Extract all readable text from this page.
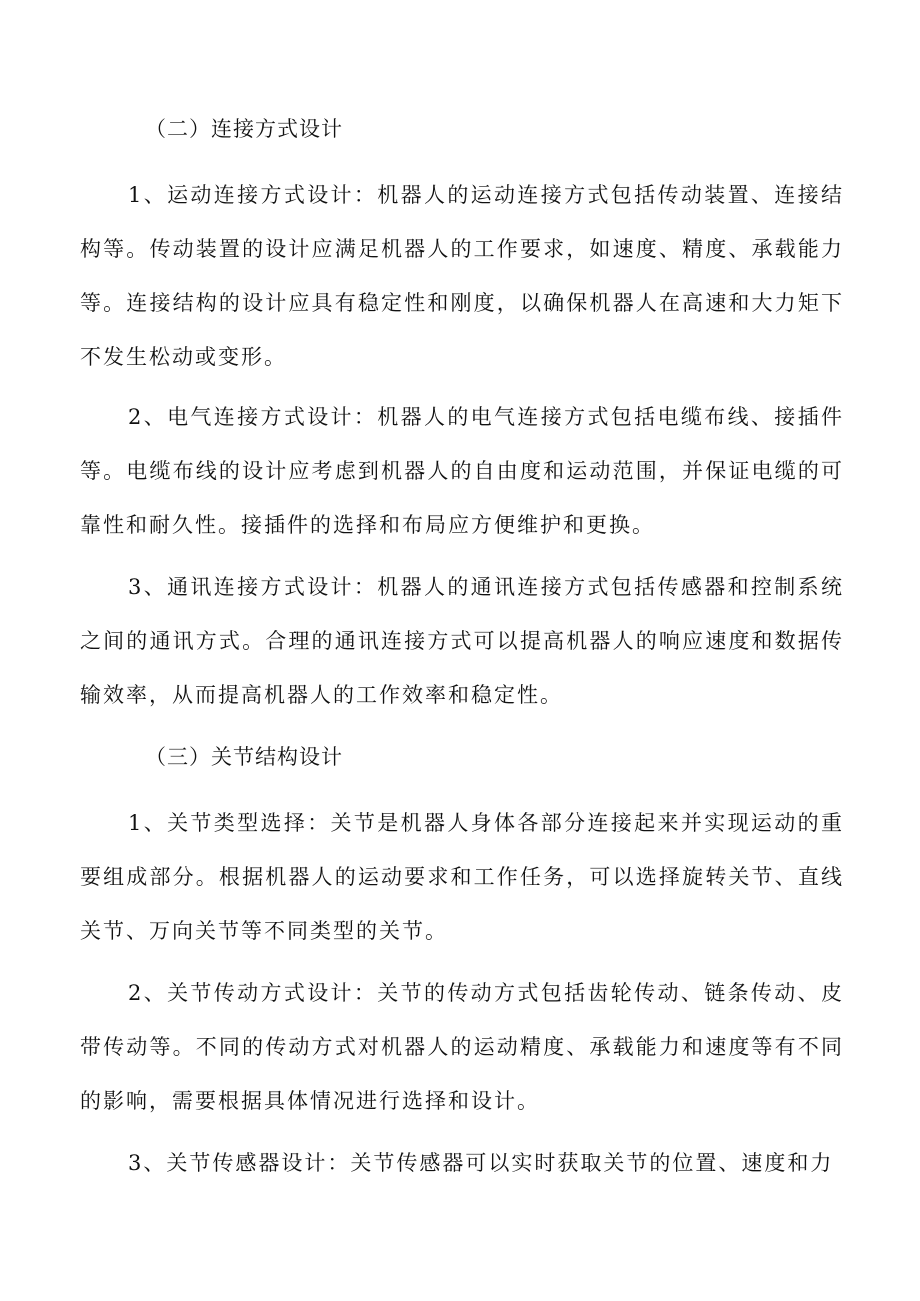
（二）连接方式设计

1、运动连接方式设计：机器人的运动连接方式包括传动装置、连接结构等。传动装置的设计应满足机器人的工作要求，如速度、精度、承载能力等。连接结构的设计应具有稳定性和刚度，以确保机器人在高速和大力矩下不发生松动或变形。

2、电气连接方式设计：机器人的电气连接方式包括电缆布线、接插件等。电缆布线的设计应考虑到机器人的自由度和运动范围，并保证电缆的可靠性和耐久性。接插件的选择和布局应方便维护和更换。

3、通讯连接方式设计：机器人的通讯连接方式包括传感器和控制系统之间的通讯方式。合理的通讯连接方式可以提高机器人的响应速度和数据传输效率，从而提高机器人的工作效率和稳定性。

（三）关节结构设计

1、关节类型选择：关节是机器人身体各部分连接起来并实现运动的重要组成部分。根据机器人的运动要求和工作任务，可以选择旋转关节、直线关节、万向关节等不同类型的关节。

2、关节传动方式设计：关节的传动方式包括齿轮传动、链条传动、皮带传动等。不同的传动方式对机器人的运动精度、承载能力和速度等有不同的影响，需要根据具体情况进行选择和设计。

3、关节传感器设计：关节传感器可以实时获取关节的位置、速度和力
